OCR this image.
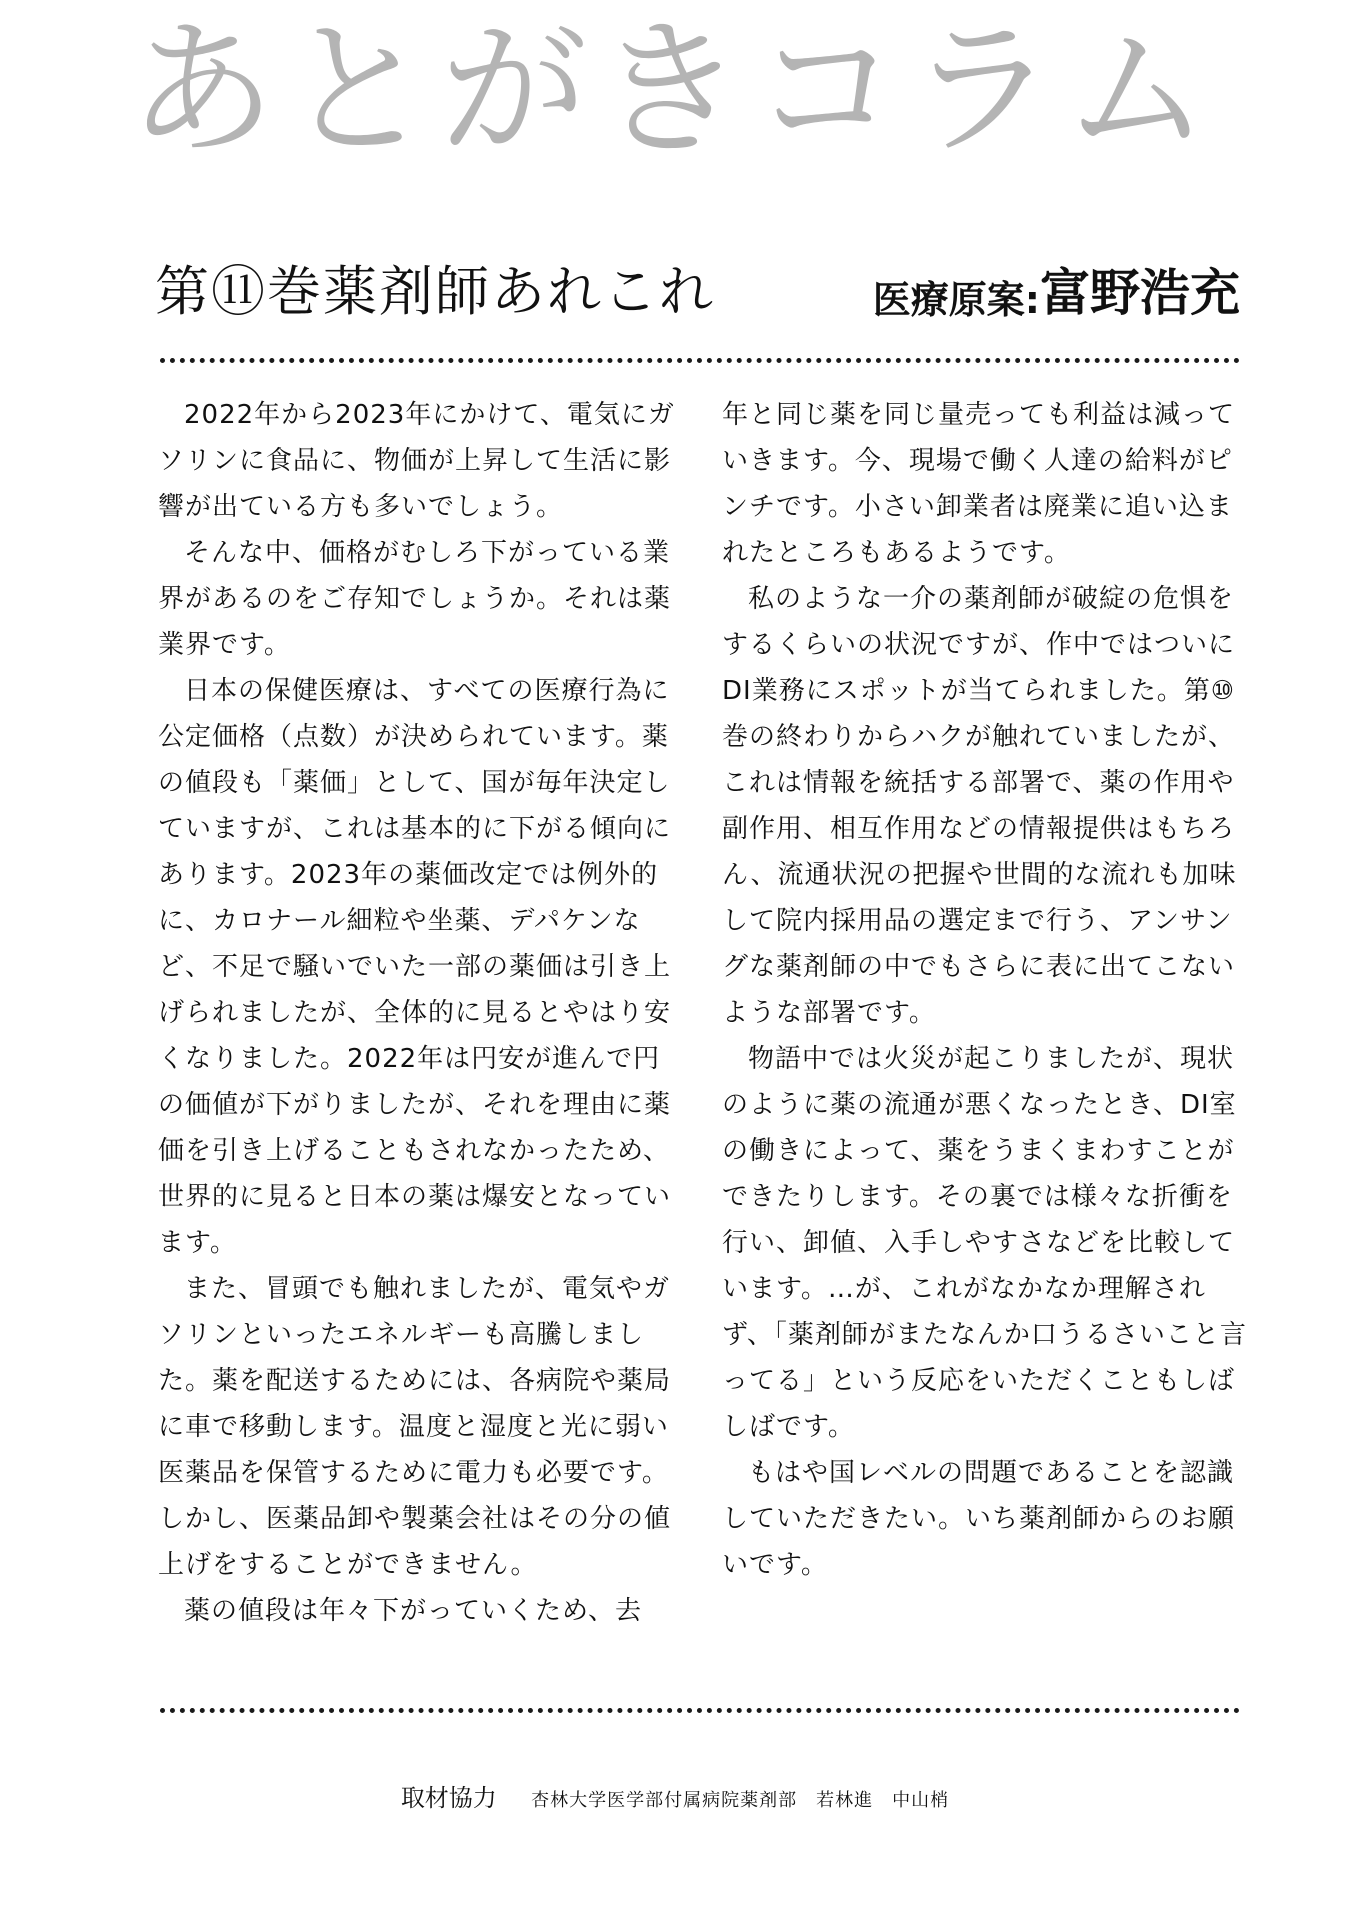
あとがきコラム
第⑪巻薬剤師あれこれ	医療原案: 富野浩充

2022年から2023年にかけて、電気にガソリンに食品に、物価が上昇して生活に影響が出ている方も多いでしょう。

そんな中、価格がむしろ下がっている業界があるのをご存知でしょうか。それは薬業界です。

日本の保健医療は、すべての医療行為に公定価格（点数）が決められています。薬の値段も「薬価」として、国が毎年決定していますが、これは基本的に下がる傾向にあります。2023年の薬価改定では例外的に、カロナール細粒や坐薬、デパケンなど、不足で騒いでいた一部の薬価は引き上げられましたが、全体的に見るとやはり安くなりました。2022年は円安が進んで円の価値が下がりましたが、それを理由に薬価を引き上げることもされなかったため、世界的に見ると日本の薬は爆安となっています。

また、冒頭でも触れましたが、電気やガソリンといったエネルギーも高騰しました。薬を配送するためには、各病院や薬局に車で移動します。温度と湿度と光に弱い医薬品を保管するために電力も必要です。しかし、医薬品卸や製薬会社はその分の値上げをすることができません。

薬の値段は年々下がっていくため、去

年と同じ薬を同じ量売っても利益は減っていきます。今、現場で働く人達の給料がピンチです。小さい卸業者は廃業に追い込まれたところもあるようです。

私のような一介の薬剤師が破綻の危惧をするくらいの状況ですが、作中ではついにDI業務にスポットが当てられました。第⑩巻の終わりからハクが触れていましたが、これは情報を統括する部署で、薬の作用や副作用、相互作用などの情報提供はもちろん、流通状況の把握や世間的な流れも加味して院内採用品の選定まで行う、アンサングな薬剤師の中でもさらに表に出てこないような部署です。

物語中では火災が起こりましたが、現状のように薬の流通が悪くなったとき、DI室の働きによって、薬をうまくまわすことができたりします。その裏では様々な折衝を行い、卸値、入手しやすさなどを比較しています。…が、これがなかなか理解されず、「薬剤師がまたなんか口うるさいこと言ってる」という反応をいただくこともしばしばです。

もはや国レベルの問題であることを認識していただきたい。いち薬剤師からのお願いです。

取材協力 杏林大学医学部付属病院薬剤部　若林進　中山梢
